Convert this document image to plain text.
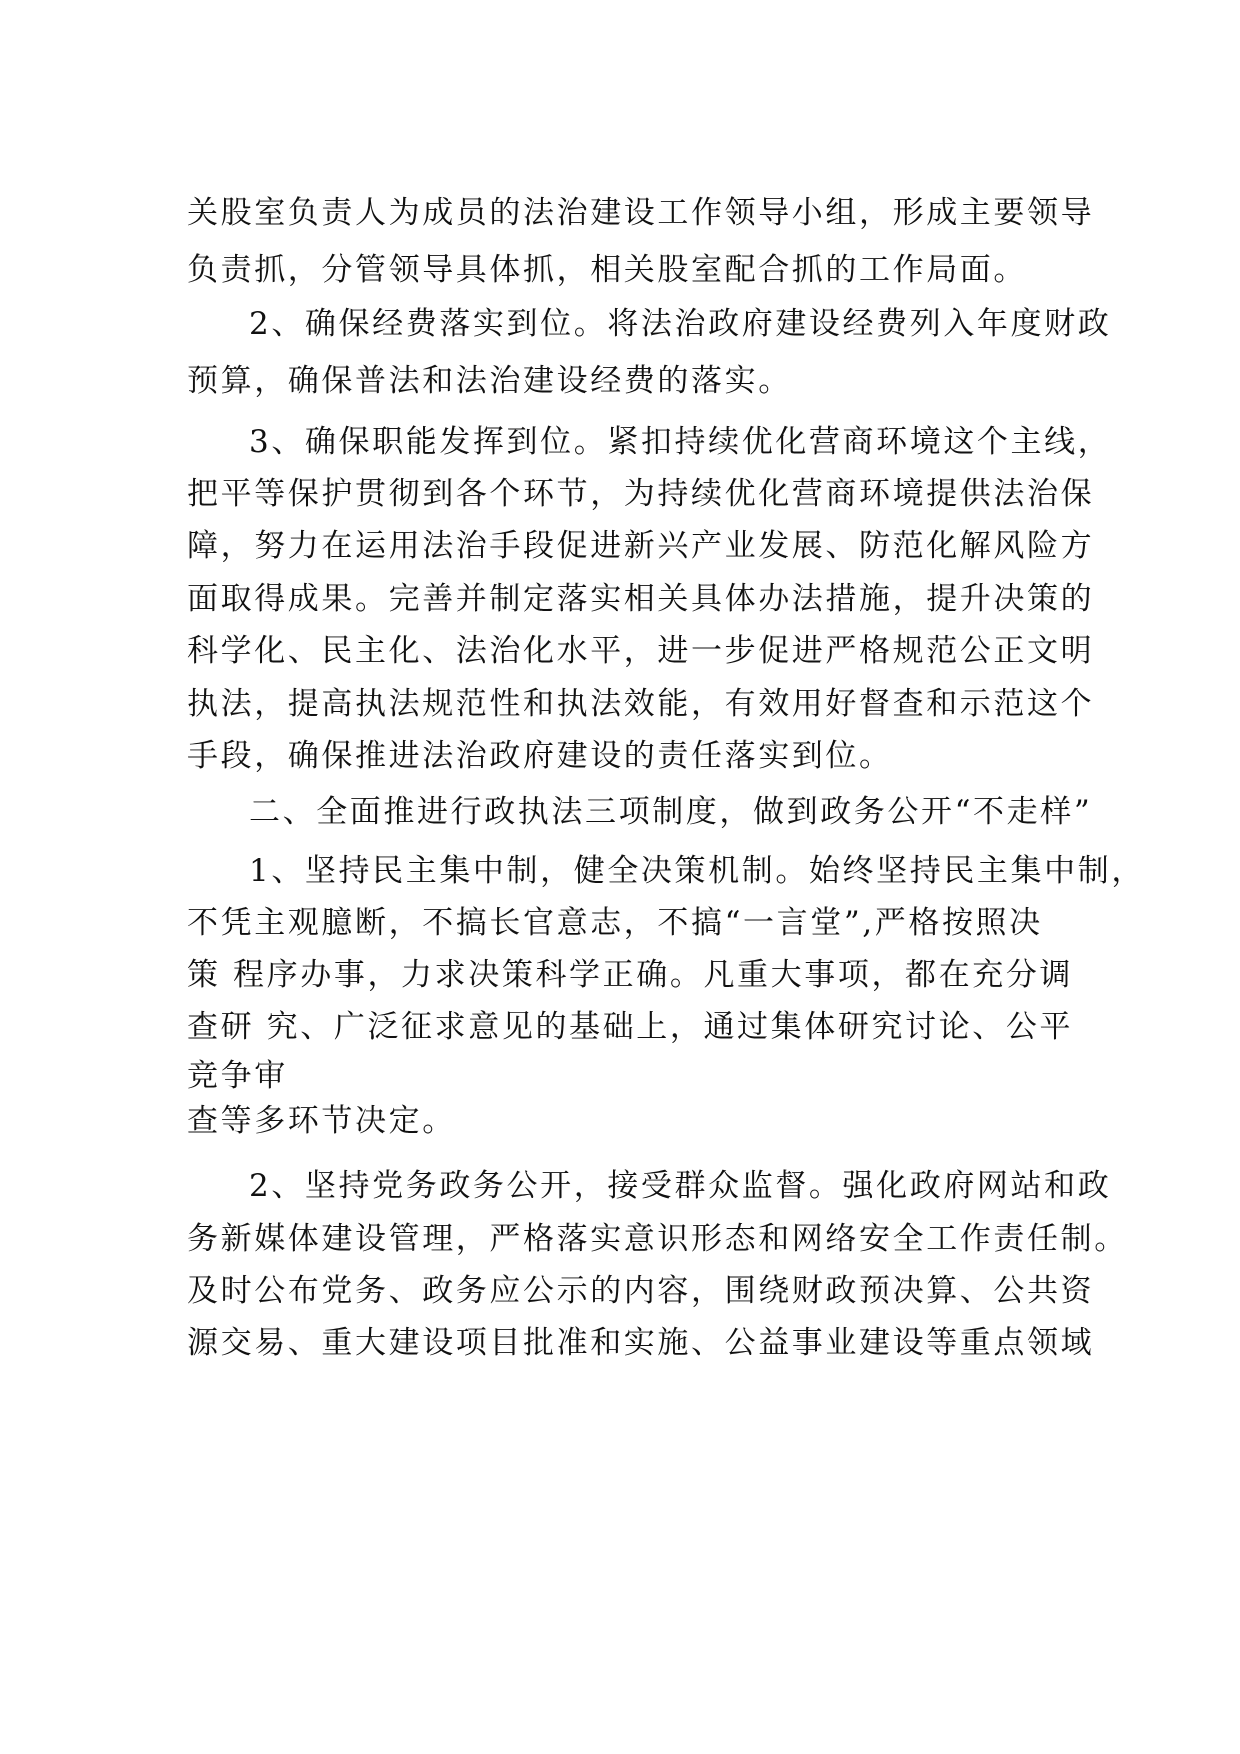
关股室负责人为成员的法治建设工作领导小组，形成主要领导
负责抓，分管领导具体抓，相关股室配合抓的工作局面。
2、确保经费落实到位。将法治政府建设经费列入年度财政
预算，确保普法和法治建设经费的落实。
3、确保职能发挥到位。紧扣持续优化营商环境这个主线，
把平等保护贯彻到各个环节，为持续优化营商环境提供法治保
障，努力在运用法治手段促进新兴产业发展、防范化解风险方
面取得成果。完善并制定落实相关具体办法措施，提升决策的
科学化、民主化、法治化水平，进一步促进严格规范公正文明
执法，提高执法规范性和执法效能，有效用好督查和示范这个
手段，确保推进法治政府建设的责任落实到位。
二、全面推进行政执法三项制度，做到政务公开“不走样”
1、坚持民主集中制，健全决策机制。始终坚持民主集中制，
不凭主观臆断，不搞长官意志，不搞“一言堂”,严格按照决
策 程序办事，力求决策科学正确。凡重大事项，都在充分调
查研 究、广泛征求意见的基础上，通过集体研究讨论、公平
竞争审
查等多环节决定。
2、坚持党务政务公开，接受群众监督。强化政府网站和政
务新媒体建设管理，严格落实意识形态和网络安全工作责任制。
及时公布党务、政务应公示的内容，围绕财政预决算、公共资
源交易、重大建设项目批准和实施、公益事业建设等重点领域
